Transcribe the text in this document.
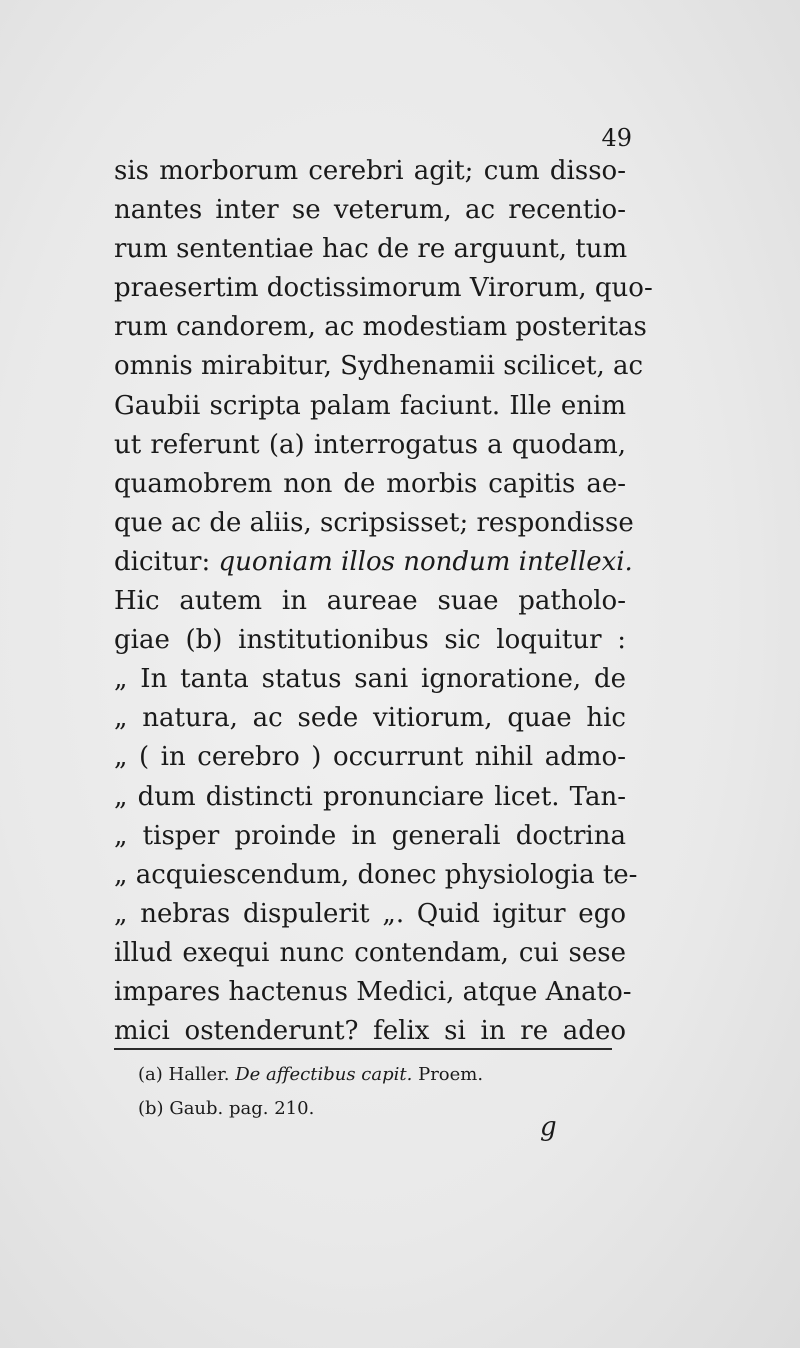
49
sis morborum cerebri agit; cum disso-
nantes inter se veterum, ac recentio-
rum sententiae hac de re arguunt, tum
praesertim doctissimorum Virorum, quo-
rum candorem, ac modestiam posteritas
omnis mirabitur, Sydhenamii scilicet, ac
Gaubii scripta palam faciunt. Ille enim
ut referunt (a) interrogatus a quodam,
quamobrem non de morbis capitis ae-
que ac de aliis, scripsisset; respondisse
dicitur: quoniam illos nondum intellexi.
Hic autem in aureae suae patholo-
giae (b) institutionibus sic loquitur :
„ In tanta status sani ignoratione, de
„ natura, ac sede vitiorum, quae hic
„ ( in cerebro ) occurrunt nihil admo-
„ dum distincti pronunciare licet. Tan-
„ tisper proinde in generali doctrina
„ acquiescendum, donec physiologia te-
„ nebras dispulerit „. Quid igitur ego
illud exequi nunc contendam, cui sese
impares hactenus Medici, atque Anato-
mici ostenderunt? felix si in re adeo
(a) Haller. De affectibus capit. Proem.
(b) Gaub. pag. 210.
g
